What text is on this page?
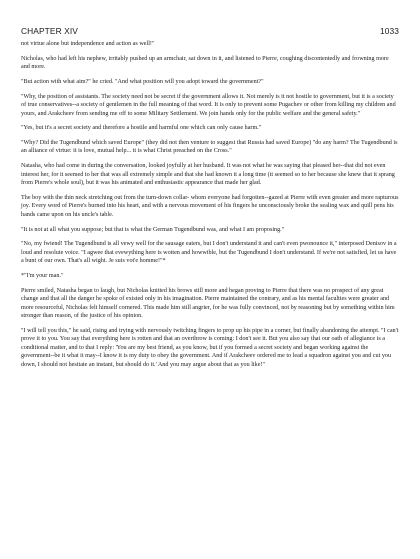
CHAPTER XIV	1033

not virtue alone but independence and action as well!"

Nicholas, who had left his nephew, irritably pushed up an armchair, sat down in it, and listened to Pierre, coughing discontentedly and frowning more and more.

"But action with what aim?" he cried. "And what position will you adopt toward the government?"

"Why, the position of assistants. The society need not be secret if the government allows it. Not merely is it not hostile to government, but it is a society of true conservatives--a society of gentlemen in the full meaning of that word. It is only to prevent some Pugachev or other from killing my children and yours, and Arakcheev from sending me off to some Military Settlement. We join hands only for the public welfare and the general safety."

"Yes, but it's a secret society and therefore a hostile and harmful one which can only cause harm."

"Why? Did the Tugendbund which saved Europe" (they did not then venture to suggest that Russia had saved Europe) "do any harm? The Tugendbund is an alliance of virtue: it is love, mutual help... it is what Christ preached on the Cross."

Natasha, who had come in during the conversation, looked joyfully at her husband. It was not what he was saying that pleased her--that did not even interest her, for it seemed to her that was all extremely simple and that she had known it a long time (it seemed so to her because she knew that it sprang from Pierre's whole soul), but it was his animated and enthusiastic appearance that made her glad.

The boy with the thin neck stretching out from the turn-down collar- whom everyone had forgotten--gazed at Pierre with even greater and more rapturous joy. Every word of Pierre's burned into his heart, and with a nervous movement of his fingers he unconsciously broke the sealing wax and quill pens his hands came upon on his uncle's table.

"It is not at all what you suppose; but that is what the German Tugendbund was, and what I am proposing."

"No, my fwiend! The Tugendbund is all vewy well for the sausage eaters, but I don't understand it and can't even pwonounce it," interposed Denisov in a loud and resolute voice. "I agwee that evewything here is wotten and howwible, but the Tugendbund I don't understand. If we're not satisfied, let us have a bunt of our own. That's all wight. Je suis vot'e homme!"*

*"I'm your man."

Pierre smiled, Natasha began to laugh, but Nicholas knitted his brows still more and began proving to Pierre that there was no prospect of any great change and that all the danger he spoke of existed only in his imagination. Pierre maintained the contrary, and as his mental faculties were greater and more resourceful, Nicholas felt himself cornered. This made him still angrier, for he was fully convinced, not by reasoning but by something within him stronger than reason, of the justice of his opinion.

"I will tell you this," he said, rising and trying with nervously twitching fingers to prop up his pipe in a corner, but finally abandoning the attempt. "I can't prove it to you. You say that everything here is rotten and that an overthrow is coming: I don't see it. But you also say that our oath of allegiance is a conditional matter, and to that I reply: 'You are my best friend, as you know, but if you formed a secret society and began working against the government--be it what it may--I know it is my duty to obey the government. And if Arakcheev ordered me to lead a squadron against you and cut you down, I should not hesitate an instant, but should do it.' And you may argue about that as you like!"
